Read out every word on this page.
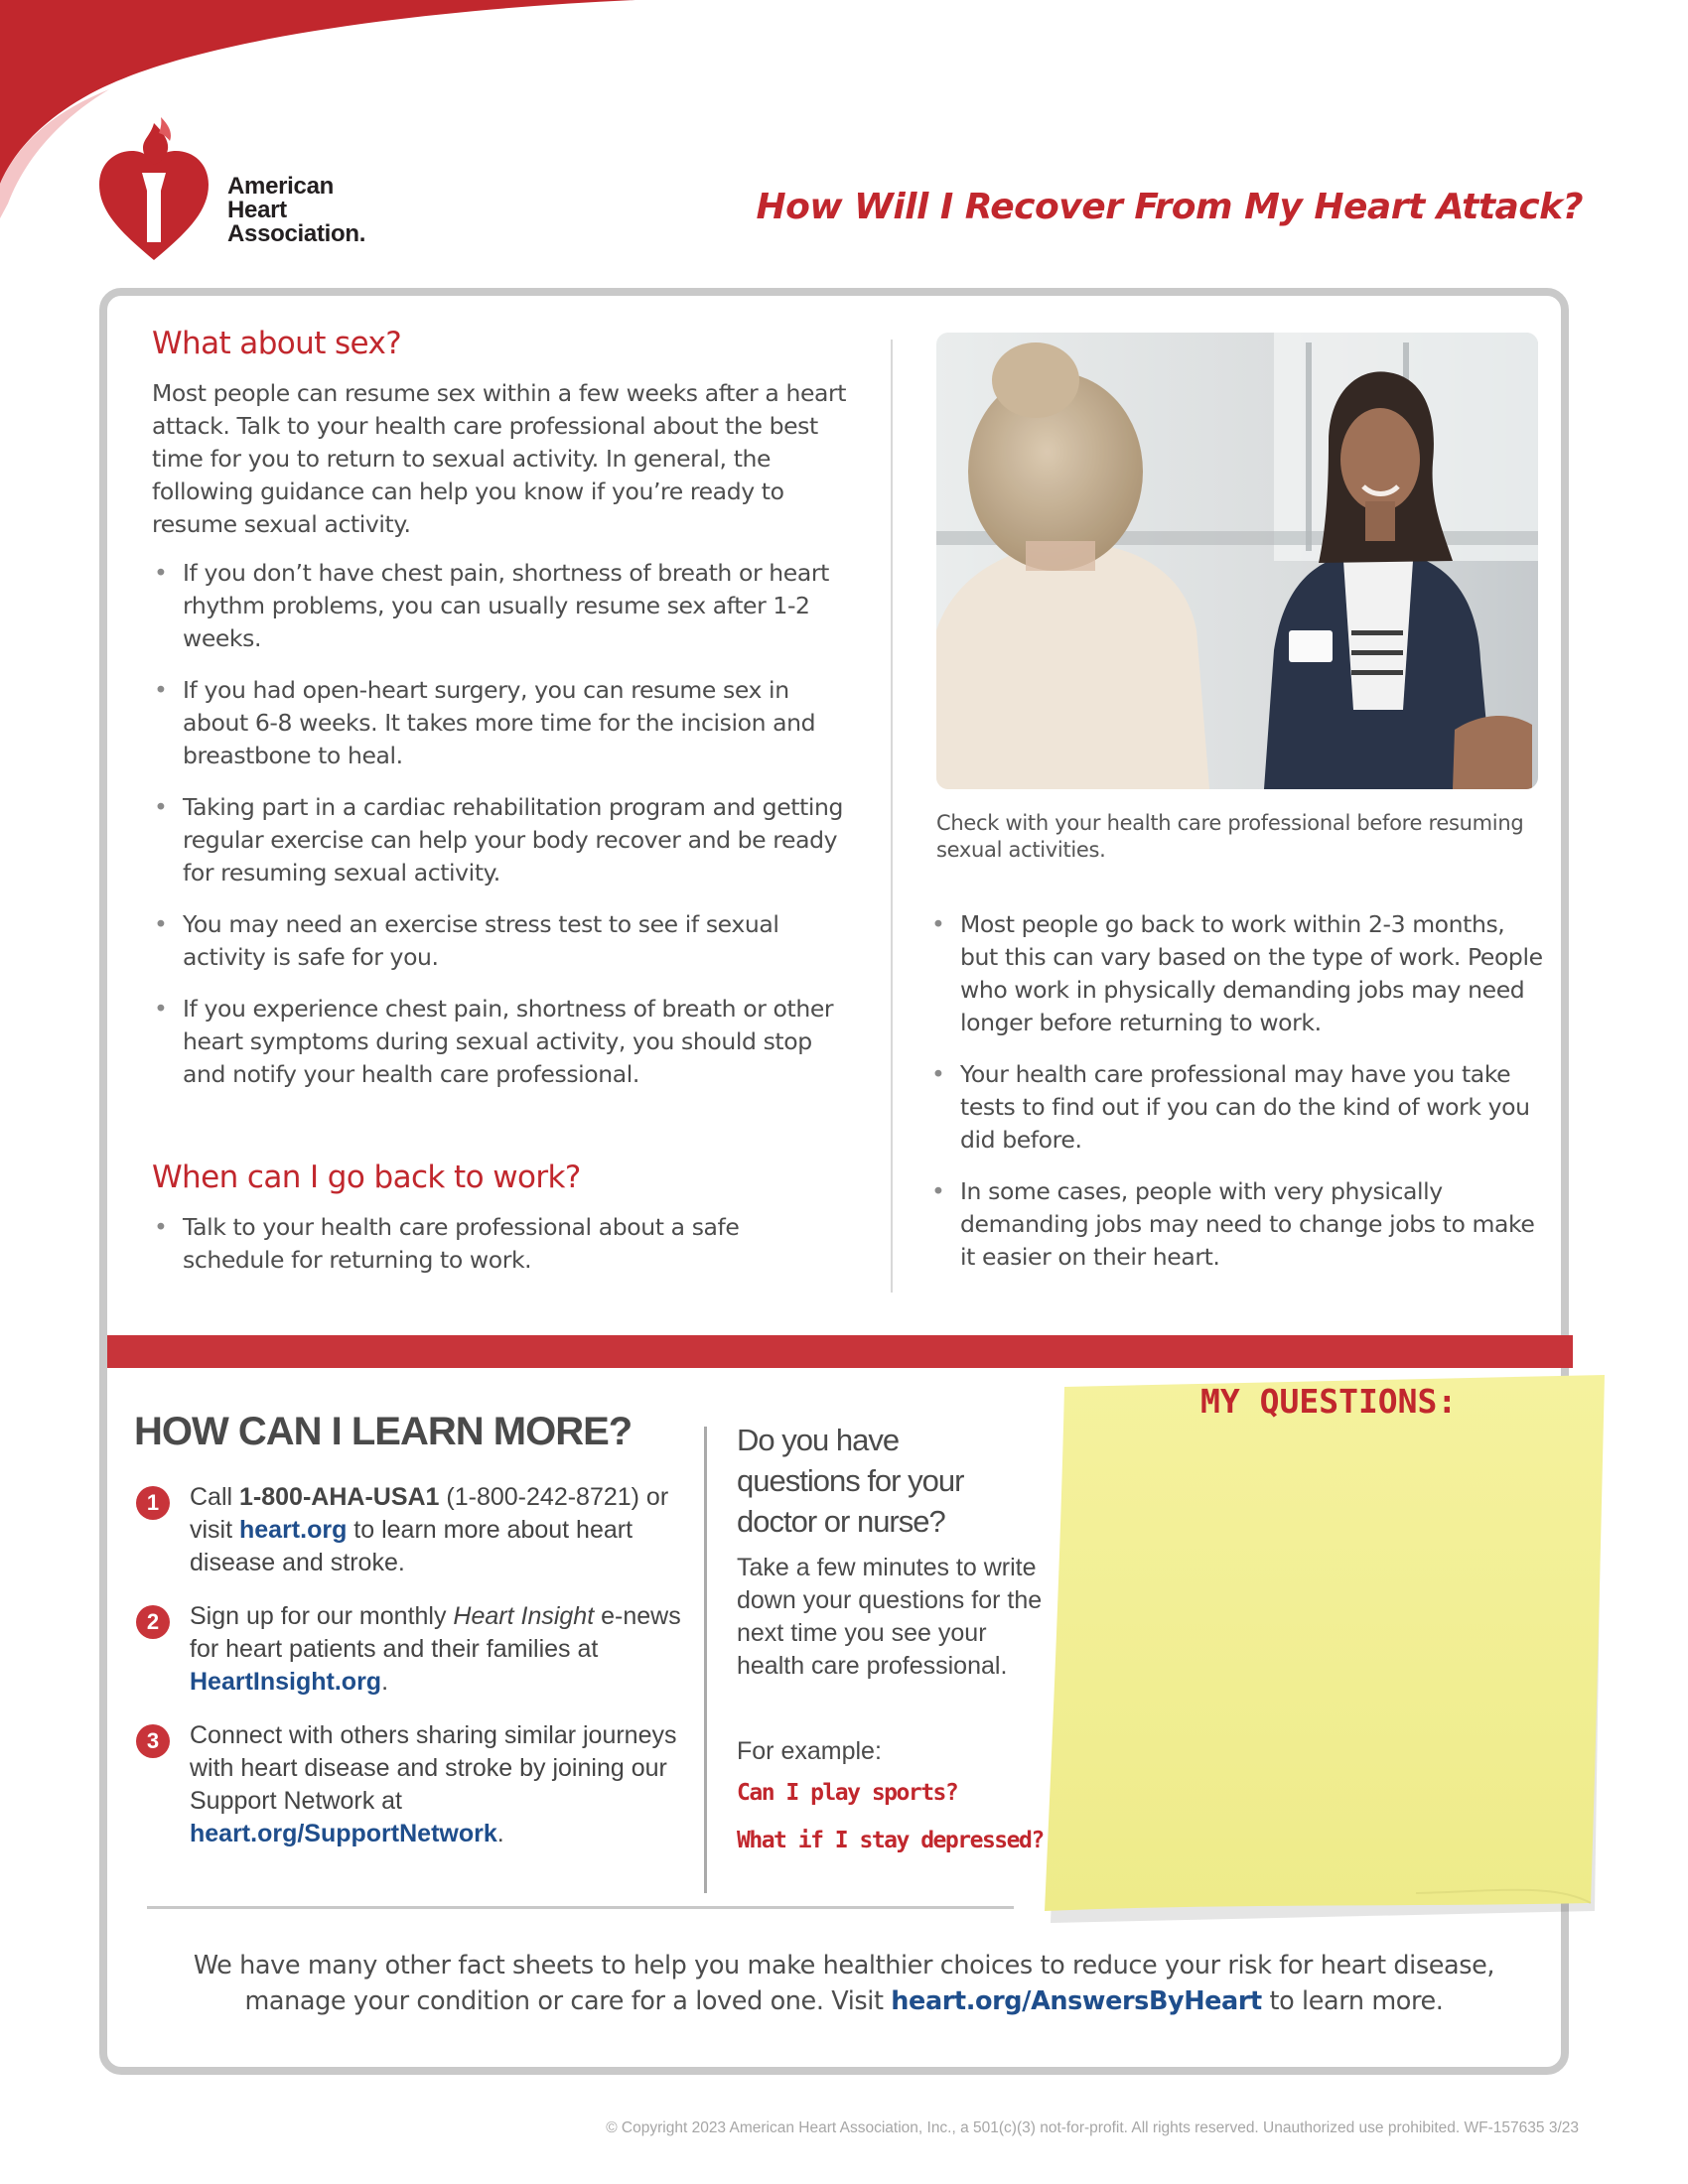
American
Heart
Association.
How Will I Recover From My Heart Attack?
What about sex?
Most people can resume sex within a few weeks after a heart attack. Talk to your health care professional about the best time for you to return to sexual activity. In general, the following guidance can help you know if you’re ready to resume sexual activity.
• If you don’t have chest pain, shortness of breath or heart rhythm problems, you can usually resume sex after 1-2 weeks.
• If you had open-heart surgery, you can resume sex in about 6-8 weeks. It takes more time for the incision and breastbone to heal.
• Taking part in a cardiac rehabilitation program and getting regular exercise can help your body recover and be ready for resuming sexual activity.
• You may need an exercise stress test to see if sexual activity is safe for you.
• If you experience chest pain, shortness of breath or other heart symptoms during sexual activity, you should stop and notify your health care professional.
When can I go back to work?
• Talk to your health care professional about a safe schedule for returning to work.
Check with your health care professional before resuming sexual activities.
• Most people go back to work within 2-3 months, but this can vary based on the type of work. People who work in physically demanding jobs may need longer before returning to work.
• Your health care professional may have you take tests to find out if you can do the kind of work you did before.
• In some cases, people with very physically demanding jobs may need to change jobs to make it easier on their heart.
HOW CAN I LEARN MORE?
1	Call 1-800-AHA-USA1 (1-800-242-8721) or visit heart.org to learn more about heart disease and stroke.
2	Sign up for our monthly Heart Insight e-news for heart patients and their families at HeartInsight.org.
3	Connect with others sharing similar journeys with heart disease and stroke by joining our Support Network at heart.org/SupportNetwork.
Do you have questions for your doctor or nurse?
Take a few minutes to write down your questions for the next time you see your health care professional.
For example:
Can I play sports?
What if I stay depressed?
MY QUESTIONS:
We have many other fact sheets to help you make healthier choices to reduce your risk for heart disease, manage your condition or care for a loved one. Visit heart.org/AnswersByHeart to learn more.
© Copyright 2023 American Heart Association, Inc., a 501(c)(3) not-for-profit. All rights reserved. Unauthorized use prohibited. WF-157635 3/23
